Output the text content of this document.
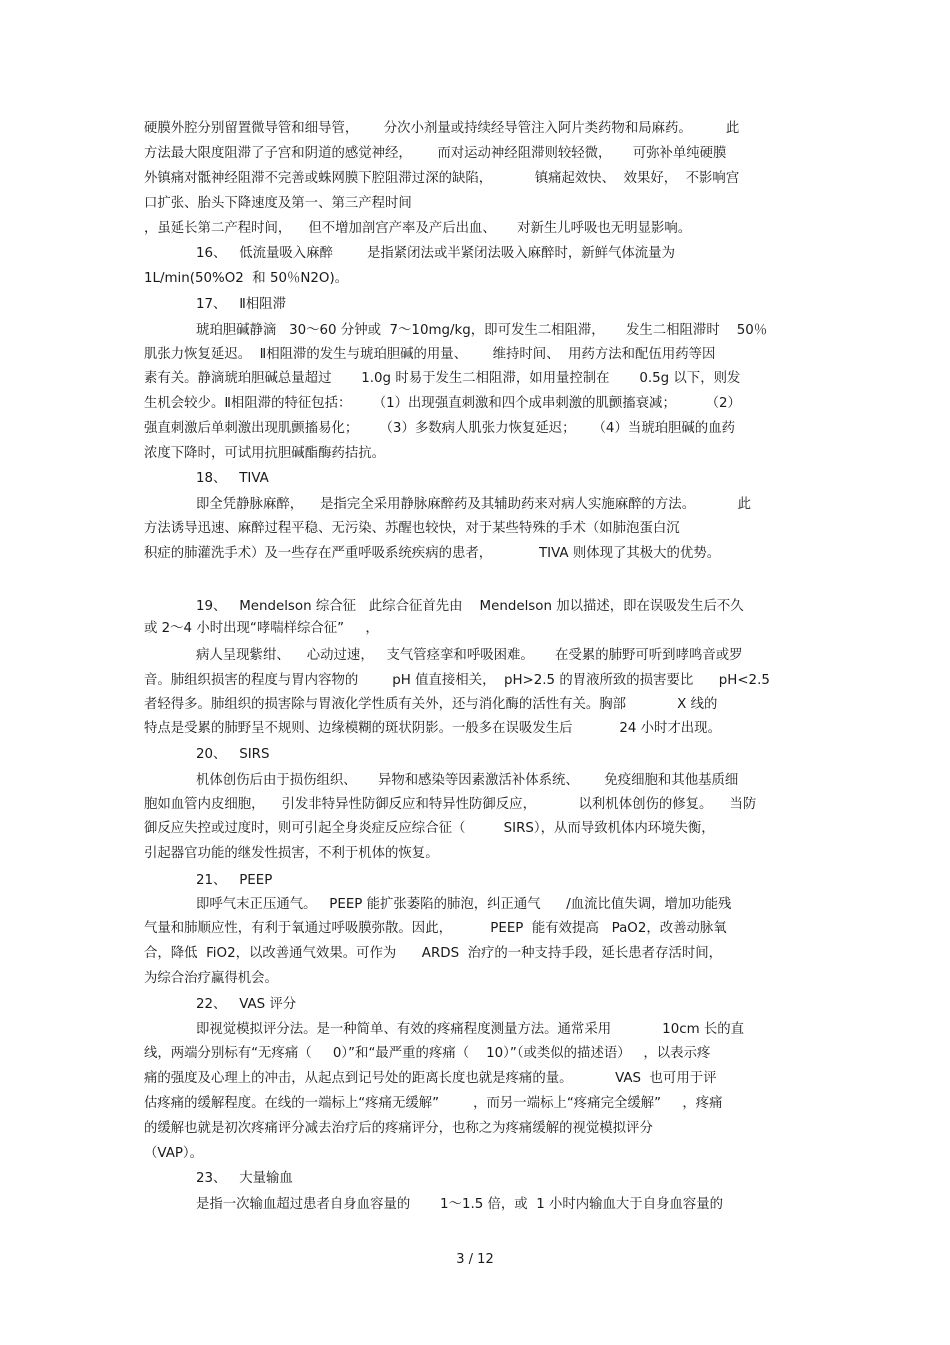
硬膜外腔分别留置微导管和细导管，      分次小剂量或持续经导管注入阿片类药物和局麻药。        此
方法最大限度阻滞了子宫和阴道的感觉神经，      而对运动神经阻滞则较轻微，     可弥补单纯硬膜
外镇痛对骶神经阻滞不完善或蛛网膜下腔阻滞过深的缺陷，          镇痛起效快、  效果好，  不影响宫
口扩张、胎头下降速度及第一、第三产程时间
，虽延长第二产程时间，    但不增加剖宫产率及产后出血、     对新生儿呼吸也无明显影响。
16、   低流量吸入麻醉        是指紧闭法或半紧闭法吸入麻醉时，新鲜气体流量为
1L/min(50%O2  和 50％N2O)。
17、   Ⅱ相阻滞
琥珀胆碱静滴   30～60 分钟或  7～10mg/kg，即可发生二相阻滞，     发生二相阻滞时    50％
肌张力恢复延迟。  Ⅱ相阻滞的发生与琥珀胆碱的用量、      维持时间、  用药方法和配伍用药等因
素有关。静滴琥珀胆碱总量超过       1.0g 时易于发生二相阻滞，如用量控制在       0.5g 以下，则发
生机会较少。Ⅱ相阻滞的特征包括：     （1）出现强直刺激和四个成串刺激的肌颤搐衰减；       （2）
强直刺激后单刺激出现肌颤搐易化；     （3）多数病人肌张力恢复延迟；    （4）当琥珀胆碱的血药
浓度下降时，可试用抗胆碱酯酶药拮抗。
18、   TIVA
即全凭静脉麻醉，    是指完全采用静脉麻醉药及其辅助药来对病人实施麻醉的方法。          此
方法诱导迅速、麻醉过程平稳、无污染、苏醒也较快，对于某些特殊的手术（如肺泡蛋白沉
积症的肺灌洗手术）及一些存在严重呼吸系统疾病的患者，           TIVA 则体现了其极大的优势。
19、   Mendelson 综合征   此综合征首先由    Mendelson 加以描述，即在误吸发生后不久
或 2～4 小时出现“哮喘样综合征”     ，
病人呈现紫绀、    心动过速，   支气管痉挛和呼吸困难。     在受累的肺野可听到哮鸣音或罗
音。肺组织损害的程度与胃内容物的        pH 值直接相关，  pH>2.5 的胃液所致的损害要比      pH<2.5
者轻得多。肺组织的损害除与胃液化学性质有关外，还与消化酶的活性有关。胸部            X 线的
特点是受累的肺野呈不规则、边缘模糊的斑状阴影。一般多在误吸发生后           24 小时才出现。
20、   SIRS
机体创伤后由于损伤组织、     异物和感染等因素激活补体系统、      免疫细胞和其他基质细
胞如血管内皮细胞，    引发非特异性防御反应和特异性防御反应，          以利机体创伤的修复。    当防
御反应失控或过度时，则可引起全身炎症反应综合征（         SIRS），从而导致机体内环境失衡，
引起器官功能的继发性损害，不利于机体的恢复。
21、   PEEP
即呼气末正压通气。   PEEP 能扩张萎陷的肺泡，纠正通气      /血流比值失调，增加功能残
气量和肺顺应性，有利于氧通过呼吸膜弥散。因此，         PEEP  能有效提高   PaO2，改善动脉氧
合，降低  FiO2，以改善通气效果。可作为      ARDS  治疗的一种支持手段，延长患者存活时间，
为综合治疗赢得机会。
22、   VAS 评分
即视觉模拟评分法。是一种简单、有效的疼痛程度测量方法。通常采用            10cm 长的直
线，两端分别标有“无疼痛（     0）”和“最严重的疼痛（    10）”（或类似的描述语）   ，以表示疼
痛的强度及心理上的冲击，从起点到记号处的距离长度也就是疼痛的量。          VAS  也可用于评
估疼痛的缓解程度。在线的一端标上“疼痛无缓解”        ，而另一端标上“疼痛完全缓解”     ，疼痛
的缓解也就是初次疼痛评分减去治疗后的疼痛评分，也称之为疼痛缓解的视觉模拟评分
（VAP）。
23、   大量输血
是指一次输血超过患者自身血容量的       1～1.5 倍，或  1 小时内输血大于自身血容量的
3 / 12
